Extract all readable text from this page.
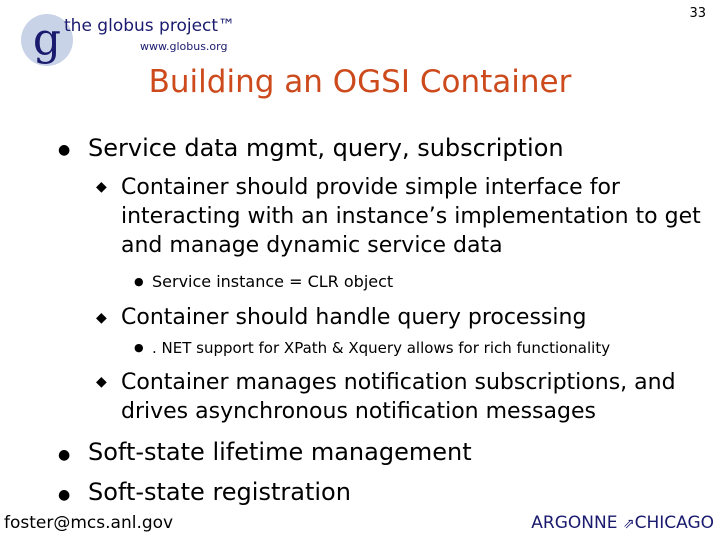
g the globus project™
www.globus.org
33
Building an OGSI Container
● Service data mgmt, query, subscription
◆ Container should provide simple interface for interacting with an instance’s implementation to get and manage dynamic service data
● Service instance = CLR object
◆ Container should handle query processing
● . NET support for XPath & Xquery allows for rich functionality
◆ Container manages notification subscriptions, and drives asynchronous notification messages
● Soft-state lifetime management
● Soft-state registration
foster@mcs.anl.gov	ARGONNE ⇗CHICAGO
